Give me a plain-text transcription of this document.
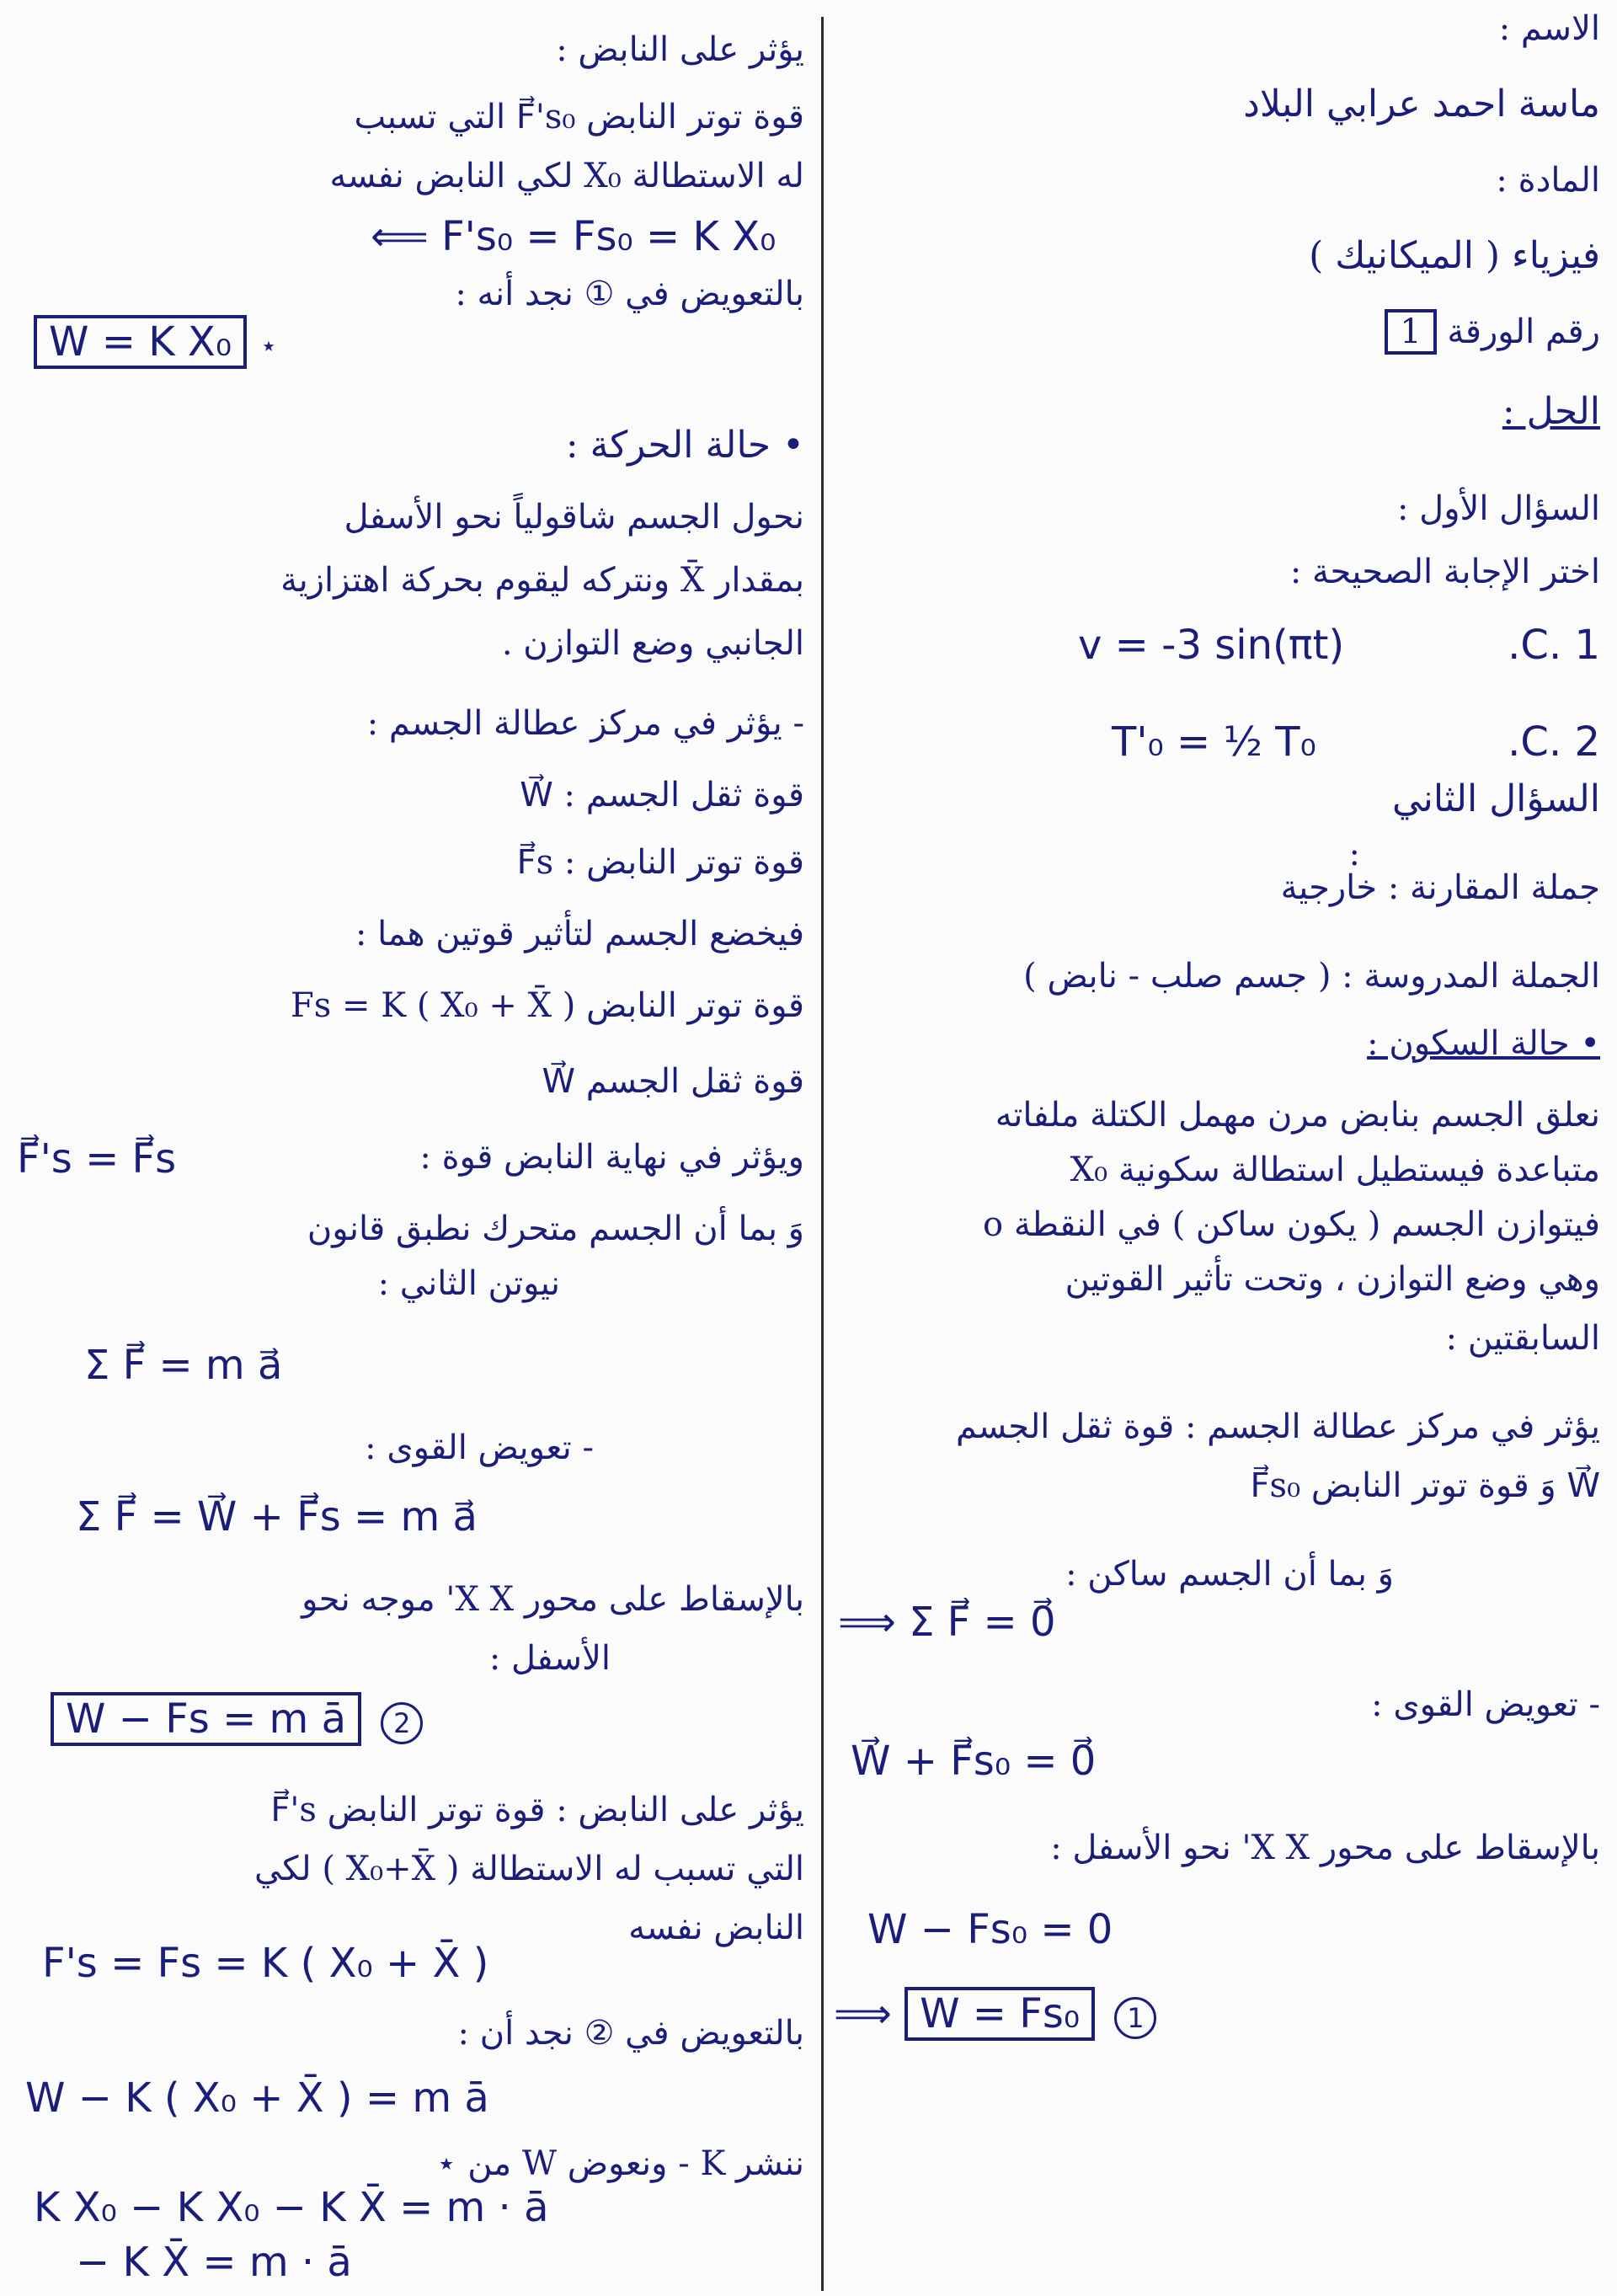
الاسم :
ماسة احمد عرابي البلاد
المادة :
فيزياء ( الميكانيك )
رقم الورقة 1
الحل :
السؤال الأول :
اختر الإجابة الصحيحة :
.C. 1
v = -3 sin(πt)
.C. 2
T'₀ = ½ T₀
السؤال الثاني
:
جملة المقارنة : خارجية
الجملة المدروسة : ( جسم صلب - نابض )
• حالة السكون :
نعلق الجسم بنابض مرن مهمل الكتلة ملفاته
متباعدة فيستطيل استطالة سكونية X₀
فيتوازن الجسم ( يكون ساكن ) في النقطة o
وهي وضع التوازن ، وتحت تأثير القوتين
السابقتين :
يؤثر في مركز عطالة الجسم : قوة ثقل الجسم
W⃗ وَ قوة توتر النابض F⃗s₀
وَ بما أن الجسم ساكن :
⟹ Σ F⃗ = 0⃗
- تعويض القوى :
W⃗ + F⃗s₀ = 0⃗
بالإسقاط على محور X X' نحو الأسفل :
W − Fs₀ = 0
⟹ W = Fs₀ 1
يؤثر على النابض :
قوة توتر النابض F⃗'s₀ التي تسبب
له الاستطالة X₀ لكي النابض نفسه
⟸ F's₀ = Fs₀ = K X₀
بالتعويض في ① نجد أنه :
W = K X₀ ⋆
• حالة الحركة :
نحول الجسم شاقولياً نحو الأسفل
بمقدار X̄ ونتركه ليقوم بحركة اهتزازية
الجانبي وضع التوازن .
- يؤثر في مركز عطالة الجسم :
قوة ثقل الجسم : W⃗
قوة توتر النابض : F⃗s
فيخضع الجسم لتأثير قوتين هما :
قوة توتر النابض Fs = K ( X₀ + X̄ )
قوة ثقل الجسم W⃗
ويؤثر في نهاية النابض قوة :
F⃗'s = F⃗s
وَ بما أن الجسم متحرك نطبق قانون
نيوتن الثاني :
Σ F⃗ = m a⃗
- تعويض القوى :
Σ F⃗ = W⃗ + F⃗s = m a⃗
بالإسقاط على محور X X' موجه نحو
الأسفل :
W − Fs = m ā 2
يؤثر على النابض : قوة توتر النابض F⃗'s
التي تسبب له الاستطالة ( X₀+X̄ ) لكي
النابض نفسه
F's = Fs = K ( X₀ + X̄ )
بالتعويض في ② نجد أن :
W − K ( X₀ + X̄ ) = m ā
ننشر K - ونعوض W من ⋆
K X₀ − K X₀ − K X̄ = m · ā
− K X̄ = m · ā
